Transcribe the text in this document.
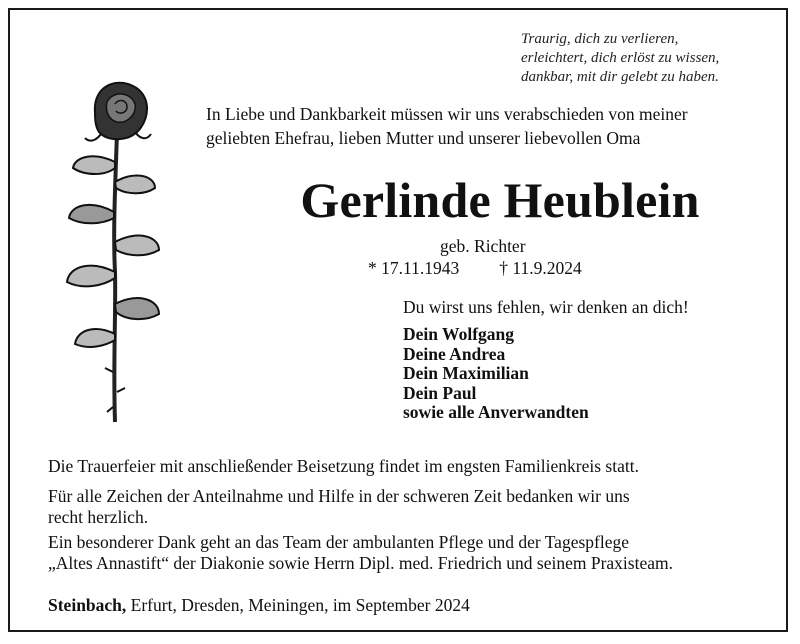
Traurig, dich zu verlieren,
erleichtert, dich erlöst zu wissen,
dankbar, mit dir gelebt zu haben.
In Liebe und Dankbarkeit müssen wir uns verabschieden von meiner
geliebten Ehefrau, lieben Mutter und unserer liebevollen Oma
Gerlinde Heublein
geb. Richter
* 17.11.1943 † 11.9.2024
Du wirst uns fehlen, wir denken an dich!
Dein Wolfgang
Deine Andrea
Dein Maximilian
Dein Paul
sowie alle Anverwandten
Die Trauerfeier mit anschließender Beisetzung findet im engsten Familienkreis statt.
Für alle Zeichen der Anteilnahme und Hilfe in der schweren Zeit bedanken wir uns
recht herzlich.
Ein besonderer Dank geht an das Team der ambulanten Pflege und der Tagespflege
„Altes Annastift“ der Diakonie sowie Herrn Dipl. med. Friedrich und seinem Praxisteam.
Steinbach, Erfurt, Dresden, Meiningen, im September 2024
